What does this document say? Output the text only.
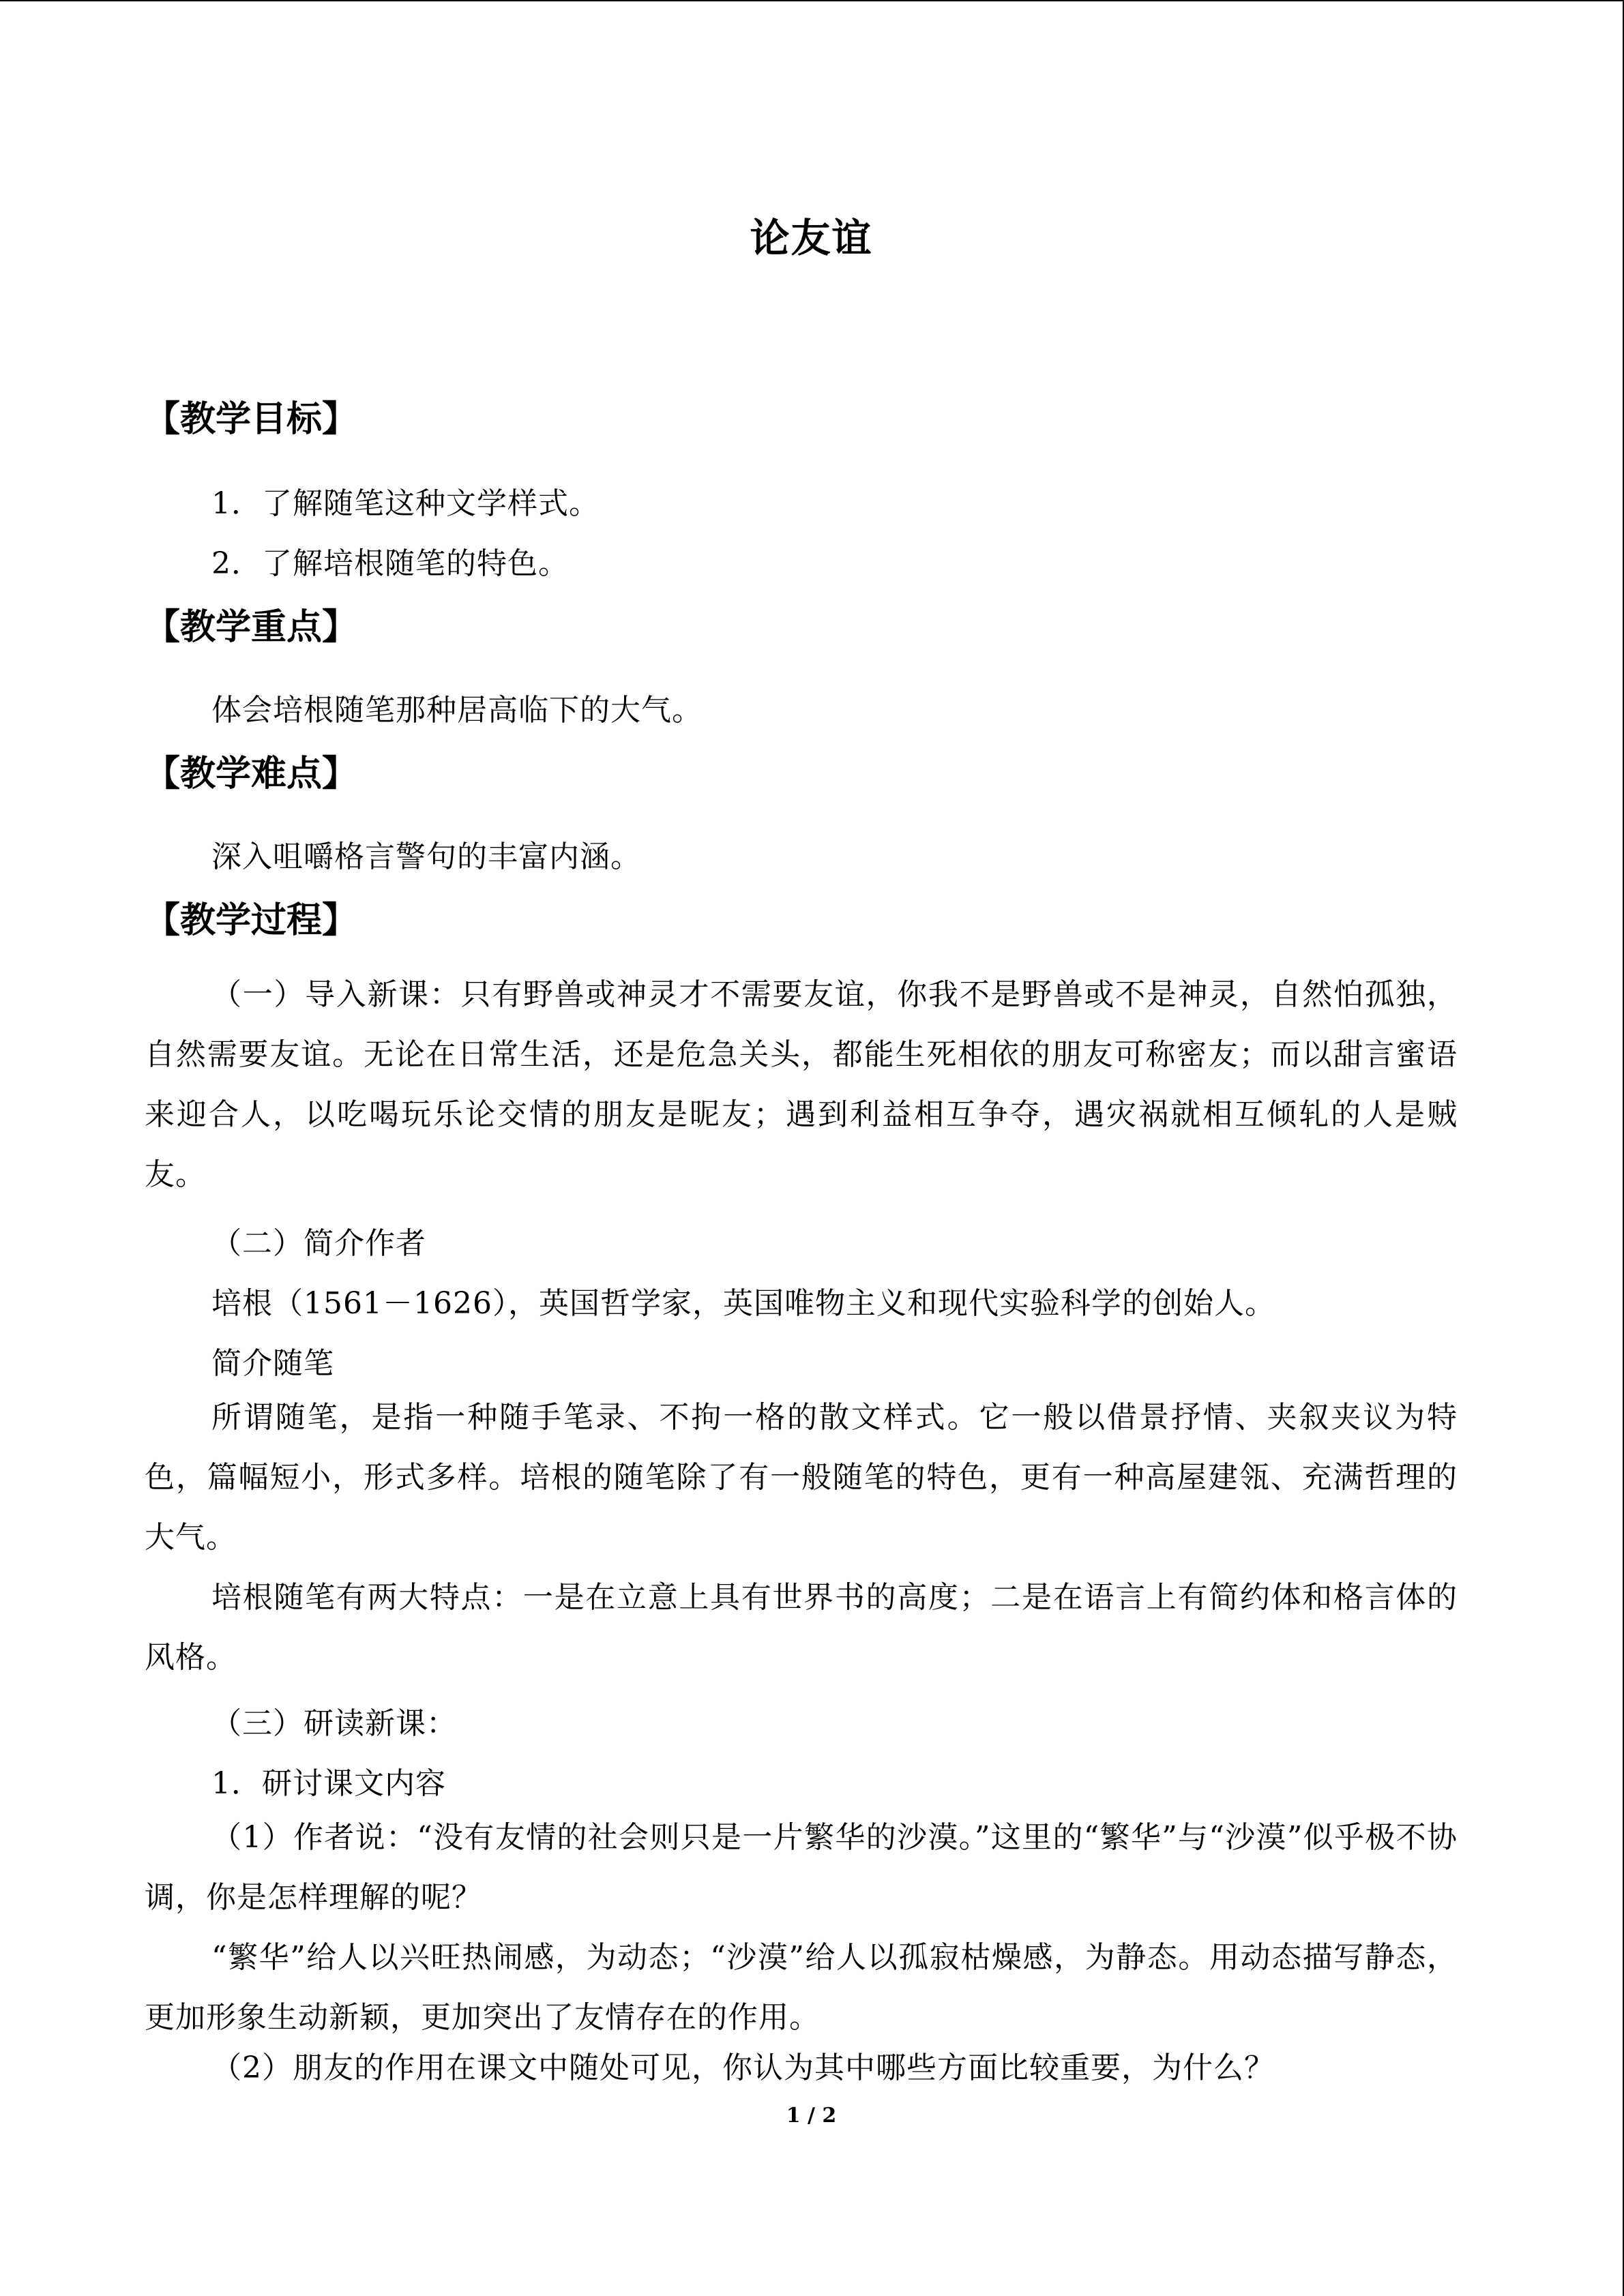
论友谊
【教学目标】
1．了解随笔这种文学样式。
2．了解培根随笔的特色。
【教学重点】
体会培根随笔那种居高临下的大气。
【教学难点】
深入咀嚼格言警句的丰富内涵。
【教学过程】
（一）导入新课：只有野兽或神灵才不需要友谊，你我不是野兽或不是神灵，自然怕孤独，自然需要友谊。无论在日常生活，还是危急关头，都能生死相依的朋友可称密友；而以甜言蜜语来迎合人，以吃喝玩乐论交情的朋友是昵友；遇到利益相互争夺，遇灾祸就相互倾轧的人是贼友。
（二）简介作者
培根（1561－1626），英国哲学家，英国唯物主义和现代实验科学的创始人。
简介随笔
所谓随笔，是指一种随手笔录、不拘一格的散文样式。它一般以借景抒情、夹叙夹议为特色，篇幅短小，形式多样。培根的随笔除了有一般随笔的特色，更有一种高屋建瓴、充满哲理的大气。
培根随笔有两大特点：一是在立意上具有世界书的高度；二是在语言上有简约体和格言体的风格。
（三）研读新课：
1．研讨课文内容
（1）作者说：“没有友情的社会则只是一片繁华的沙漠。”这里的“繁华”与“沙漠”似乎极不协调，你是怎样理解的呢？
“繁华”给人以兴旺热闹感，为动态；“沙漠”给人以孤寂枯燥感，为静态。用动态描写静态，更加形象生动新颖，更加突出了友情存在的作用。
（2）朋友的作用在课文中随处可见，你认为其中哪些方面比较重要，为什么？
1 / 2
